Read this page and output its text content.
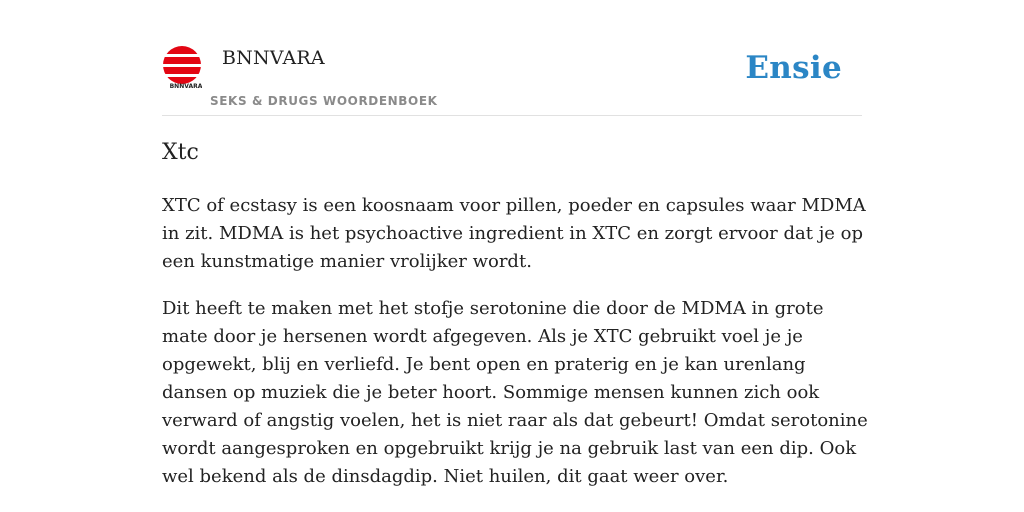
BNNVARA
BNNVARA
SEKS & DRUGS WOORDENBOEK
Ensie
Xtc

XTC of ecstasy is een koosnaam voor pillen, poeder en capsules waar MDMA in zit. MDMA is het psychoactive ingredient in XTC en zorgt ervoor dat je op een kunstmatige manier vrolijker wordt.

Dit heeft te maken met het stofje serotonine die door de MDMA in grote mate door je hersenen wordt afgegeven. Als je XTC gebruikt voel je je opgewekt, blij en verliefd. Je bent open en praterig en je kan urenlang dansen op muziek die je beter hoort. Sommige mensen kunnen zich ook verward of angstig voelen, het is niet raar als dat gebeurt! Omdat serotonine wordt aangesproken en opgebruikt krijg je na gebruik last van een dip. Ook wel bekend als de dinsdagdip. Niet huilen, dit gaat weer over.
